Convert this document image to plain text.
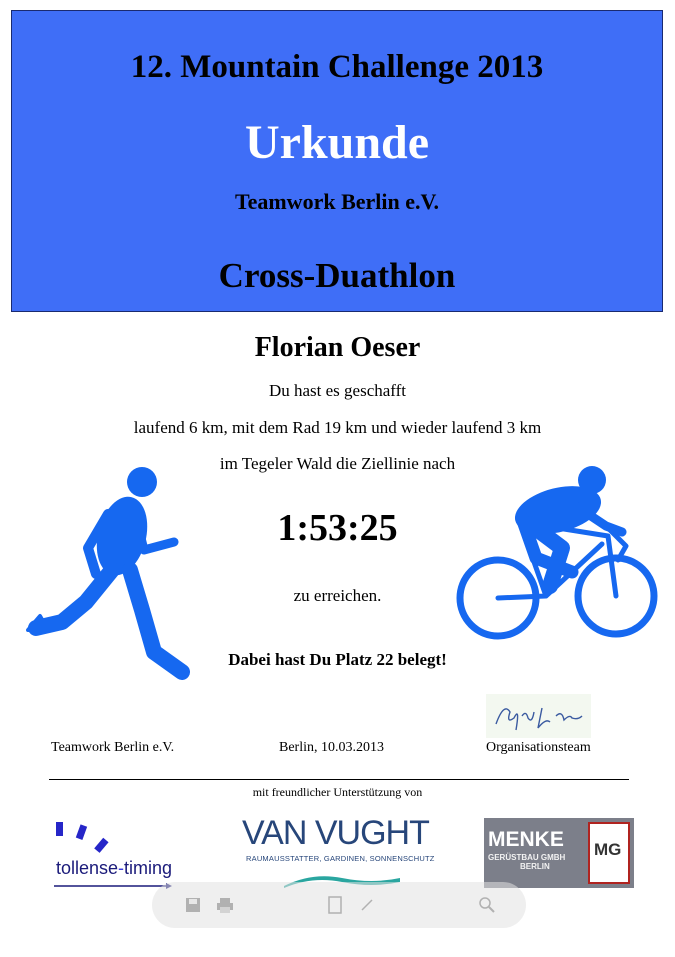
12. Mountain Challenge 2013
Urkunde
Teamwork Berlin e.V.
Cross-Duathlon
Florian Oeser
Du hast es geschafft
laufend 6 km, mit dem Rad 19 km und wieder laufend 3 km
im Tegeler Wald die Ziellinie nach
1:53:25
zu erreichen.
Dabei hast Du Platz 22 belegt!
Teamwork Berlin e.V.	Berlin, 10.03.2013	Organisationsteam
mit freundlicher Unterstützung von
tollense-timing
VAN VUGHT
RAUMAUSSTATTER, GARDINEN, SONNENSCHUTZ
MENKE
GERÜSTBAU GMBH
BERLIN
MG
